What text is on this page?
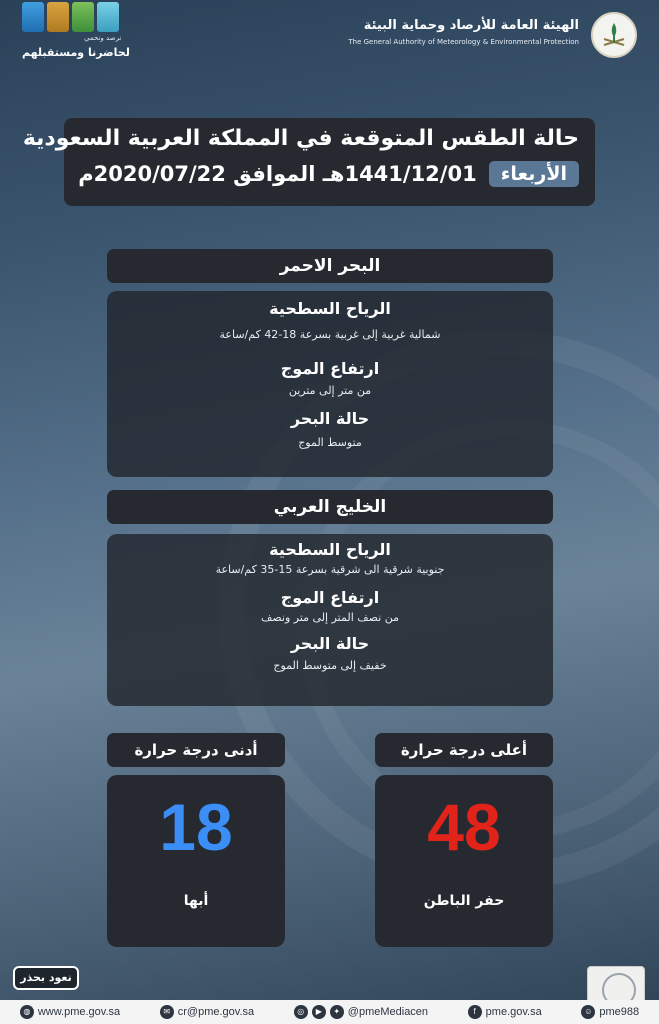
الهيئة العامة للأرصاد وحماية البيئة
The General Authority of Meteorology & Environmental Protection
نرصد ونحمي
لحاضرنا ومستقبلهم
حالة الطقس المتوقعة في المملكة العربية السعودية
الأربعاء
1441/12/01هـ الموافق 2020/07/22م
البحر الاحمر
الرياح السطحية
شمالية غربية إلى غربية بسرعة 18-42 كم/ساعة
ارتفاع الموج
من متر إلى مترين
حالة البحر
متوسط الموج
الخليج العربي
الرياح السطحية
جنوبية شرقية الى شرقية بسرعة 15-35 كم/ساعة
ارتفاع الموج
من نصف المتر إلى متر ونصف
حالة البحر
خفيف إلى متوسط الموج
أعلى درجة حرارة
48
حفر الباطن
أدنى درجة حرارة
18
أبها
نعود بحذر
◍ www.pme.gov.sa	✉ cr@pme.gov.sa	◎	▶	✦ @pmeMediacen	f pme.gov.sa	☺ pme988
